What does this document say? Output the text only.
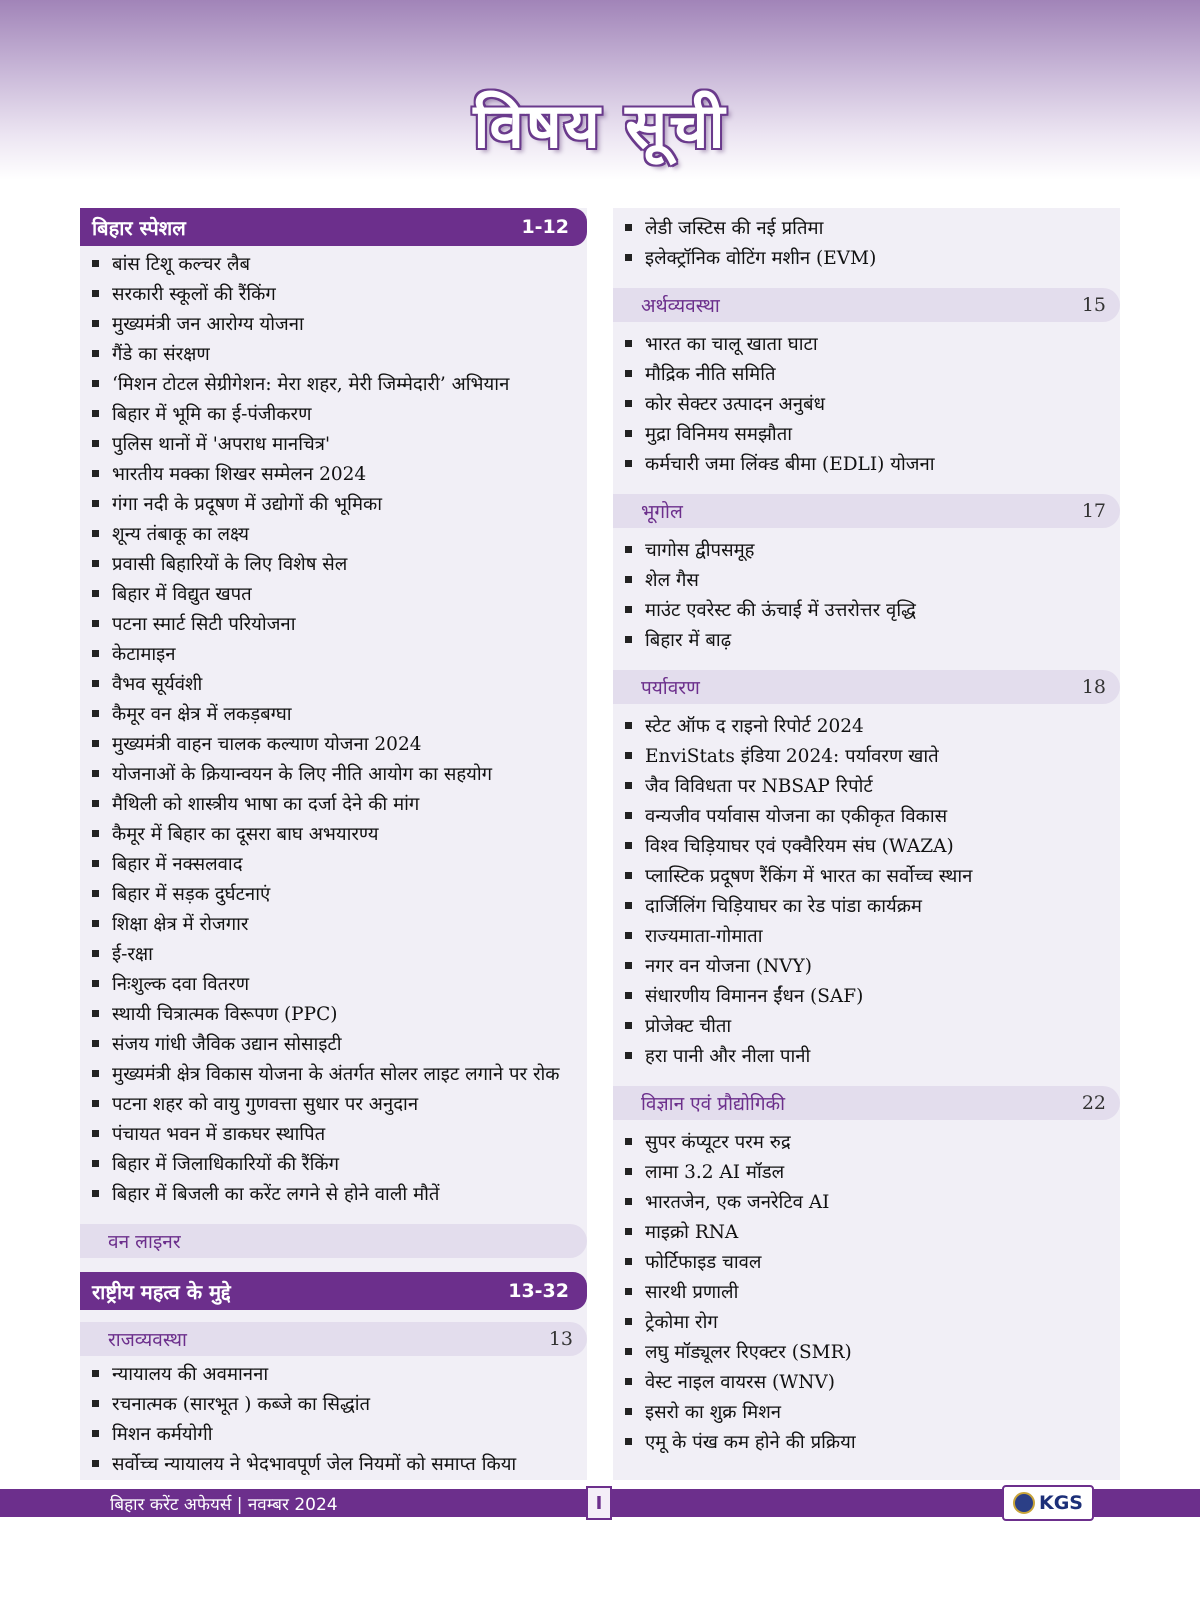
विषय सूची
बिहार स्पेशल	1-12
बांस टिशू कल्चर लैब
सरकारी स्कूलों की रैंकिंग
मुख्यमंत्री जन आरोग्य योजना
गैंडे का संरक्षण
‘मिशन टोटल सेग्रीगेशन: मेरा शहर, मेरी जिम्मेदारी’ अभियान
बिहार में भूमि का ई-पंजीकरण
पुलिस थानों में 'अपराध मानचित्र'
भारतीय मक्का शिखर सम्मेलन 2024
गंगा नदी के प्रदूषण में उद्योगों की भूमिका
शून्य तंबाकू का लक्ष्य
प्रवासी बिहारियों के लिए विशेष सेल
बिहार में विद्युत खपत
पटना स्मार्ट सिटी परियोजना
केटामाइन
वैभव सूर्यवंशी
कैमूर वन क्षेत्र में लकड़बग्घा
मुख्यमंत्री वाहन चालक कल्याण योजना 2024
योजनाओं के क्रियान्वयन के लिए नीति आयोग का सहयोग
मैथिली को शास्त्रीय भाषा का दर्जा देने की मांग
कैमूर में बिहार का दूसरा बाघ अभयारण्य
बिहार में नक्सलवाद
बिहार में सड़क दुर्घटनाएं
शिक्षा क्षेत्र में रोजगार
ई-रक्षा
निःशुल्क दवा वितरण
स्थायी चित्रात्मक विरूपण (PPC)
संजय गांधी जैविक उद्यान सोसाइटी
मुख्यमंत्री क्षेत्र विकास योजना के अंतर्गत सोलर लाइट लगाने पर रोक
पटना शहर को वायु गुणवत्ता सुधार पर अनुदान
पंचायत भवन में डाकघर स्थापित
बिहार में जिलाधिकारियों की रैंकिंग
बिहार में बिजली का करेंट लगने से होने वाली मौतें
वन लाइनर
राष्ट्रीय महत्व के मुद्दे	13-32
राजव्यवस्था	13
न्यायालय की अवमानना
रचनात्मक (सारभूत ) कब्जे का सिद्धांत
मिशन कर्मयोगी
सर्वोच्च न्यायालय ने भेदभावपूर्ण जेल नियमों को समाप्त किया
लेडी जस्टिस की नई प्रतिमा
इलेक्ट्रॉनिक वोटिंग मशीन (EVM)
अर्थव्यवस्था	15
भारत का चालू खाता घाटा
मौद्रिक नीति समिति
कोर सेक्टर उत्पादन अनुबंध
मुद्रा विनिमय समझौता
कर्मचारी जमा लिंक्ड बीमा (EDLI) योजना
भूगोल	17
चागोस द्वीपसमूह
शेल गैस
माउंट एवरेस्ट की ऊंचाई में उत्तरोत्तर वृद्धि
बिहार में बाढ़
पर्यावरण	18
स्टेट ऑफ द राइनो रिपोर्ट 2024
EnviStats इंडिया 2024: पर्यावरण खाते
जैव विविधता पर NBSAP रिपोर्ट
वन्यजीव पर्यावास योजना का एकीकृत विकास
विश्व चिड़ियाघर एवं एक्वैरियम संघ (WAZA)
प्लास्टिक प्रदूषण रैंकिंग में भारत का सर्वोच्च स्थान
दार्जिलिंग चिड़ियाघर का रेड पांडा कार्यक्रम
राज्यमाता-गोमाता
नगर वन योजना (NVY)
संधारणीय विमानन ईंधन (SAF)
प्रोजेक्ट चीता
हरा पानी और नीला पानी
विज्ञान एवं प्रौद्योगिकी	22
सुपर कंप्यूटर परम रुद्र
लामा 3.2 AI मॉडल
भारतजेन, एक जनरेटिव AI
माइक्रो RNA
फोर्टिफाइड चावल
सारथी प्रणाली
ट्रेकोमा रोग
लघु मॉड्यूलर रिएक्टर (SMR)
वेस्ट नाइल वायरस (WNV)
इसरो का शुक्र मिशन
एमू के पंख कम होने की प्रक्रिया
बिहार करेंट अफेयर्स | नवम्बर 2024	I	KGS
